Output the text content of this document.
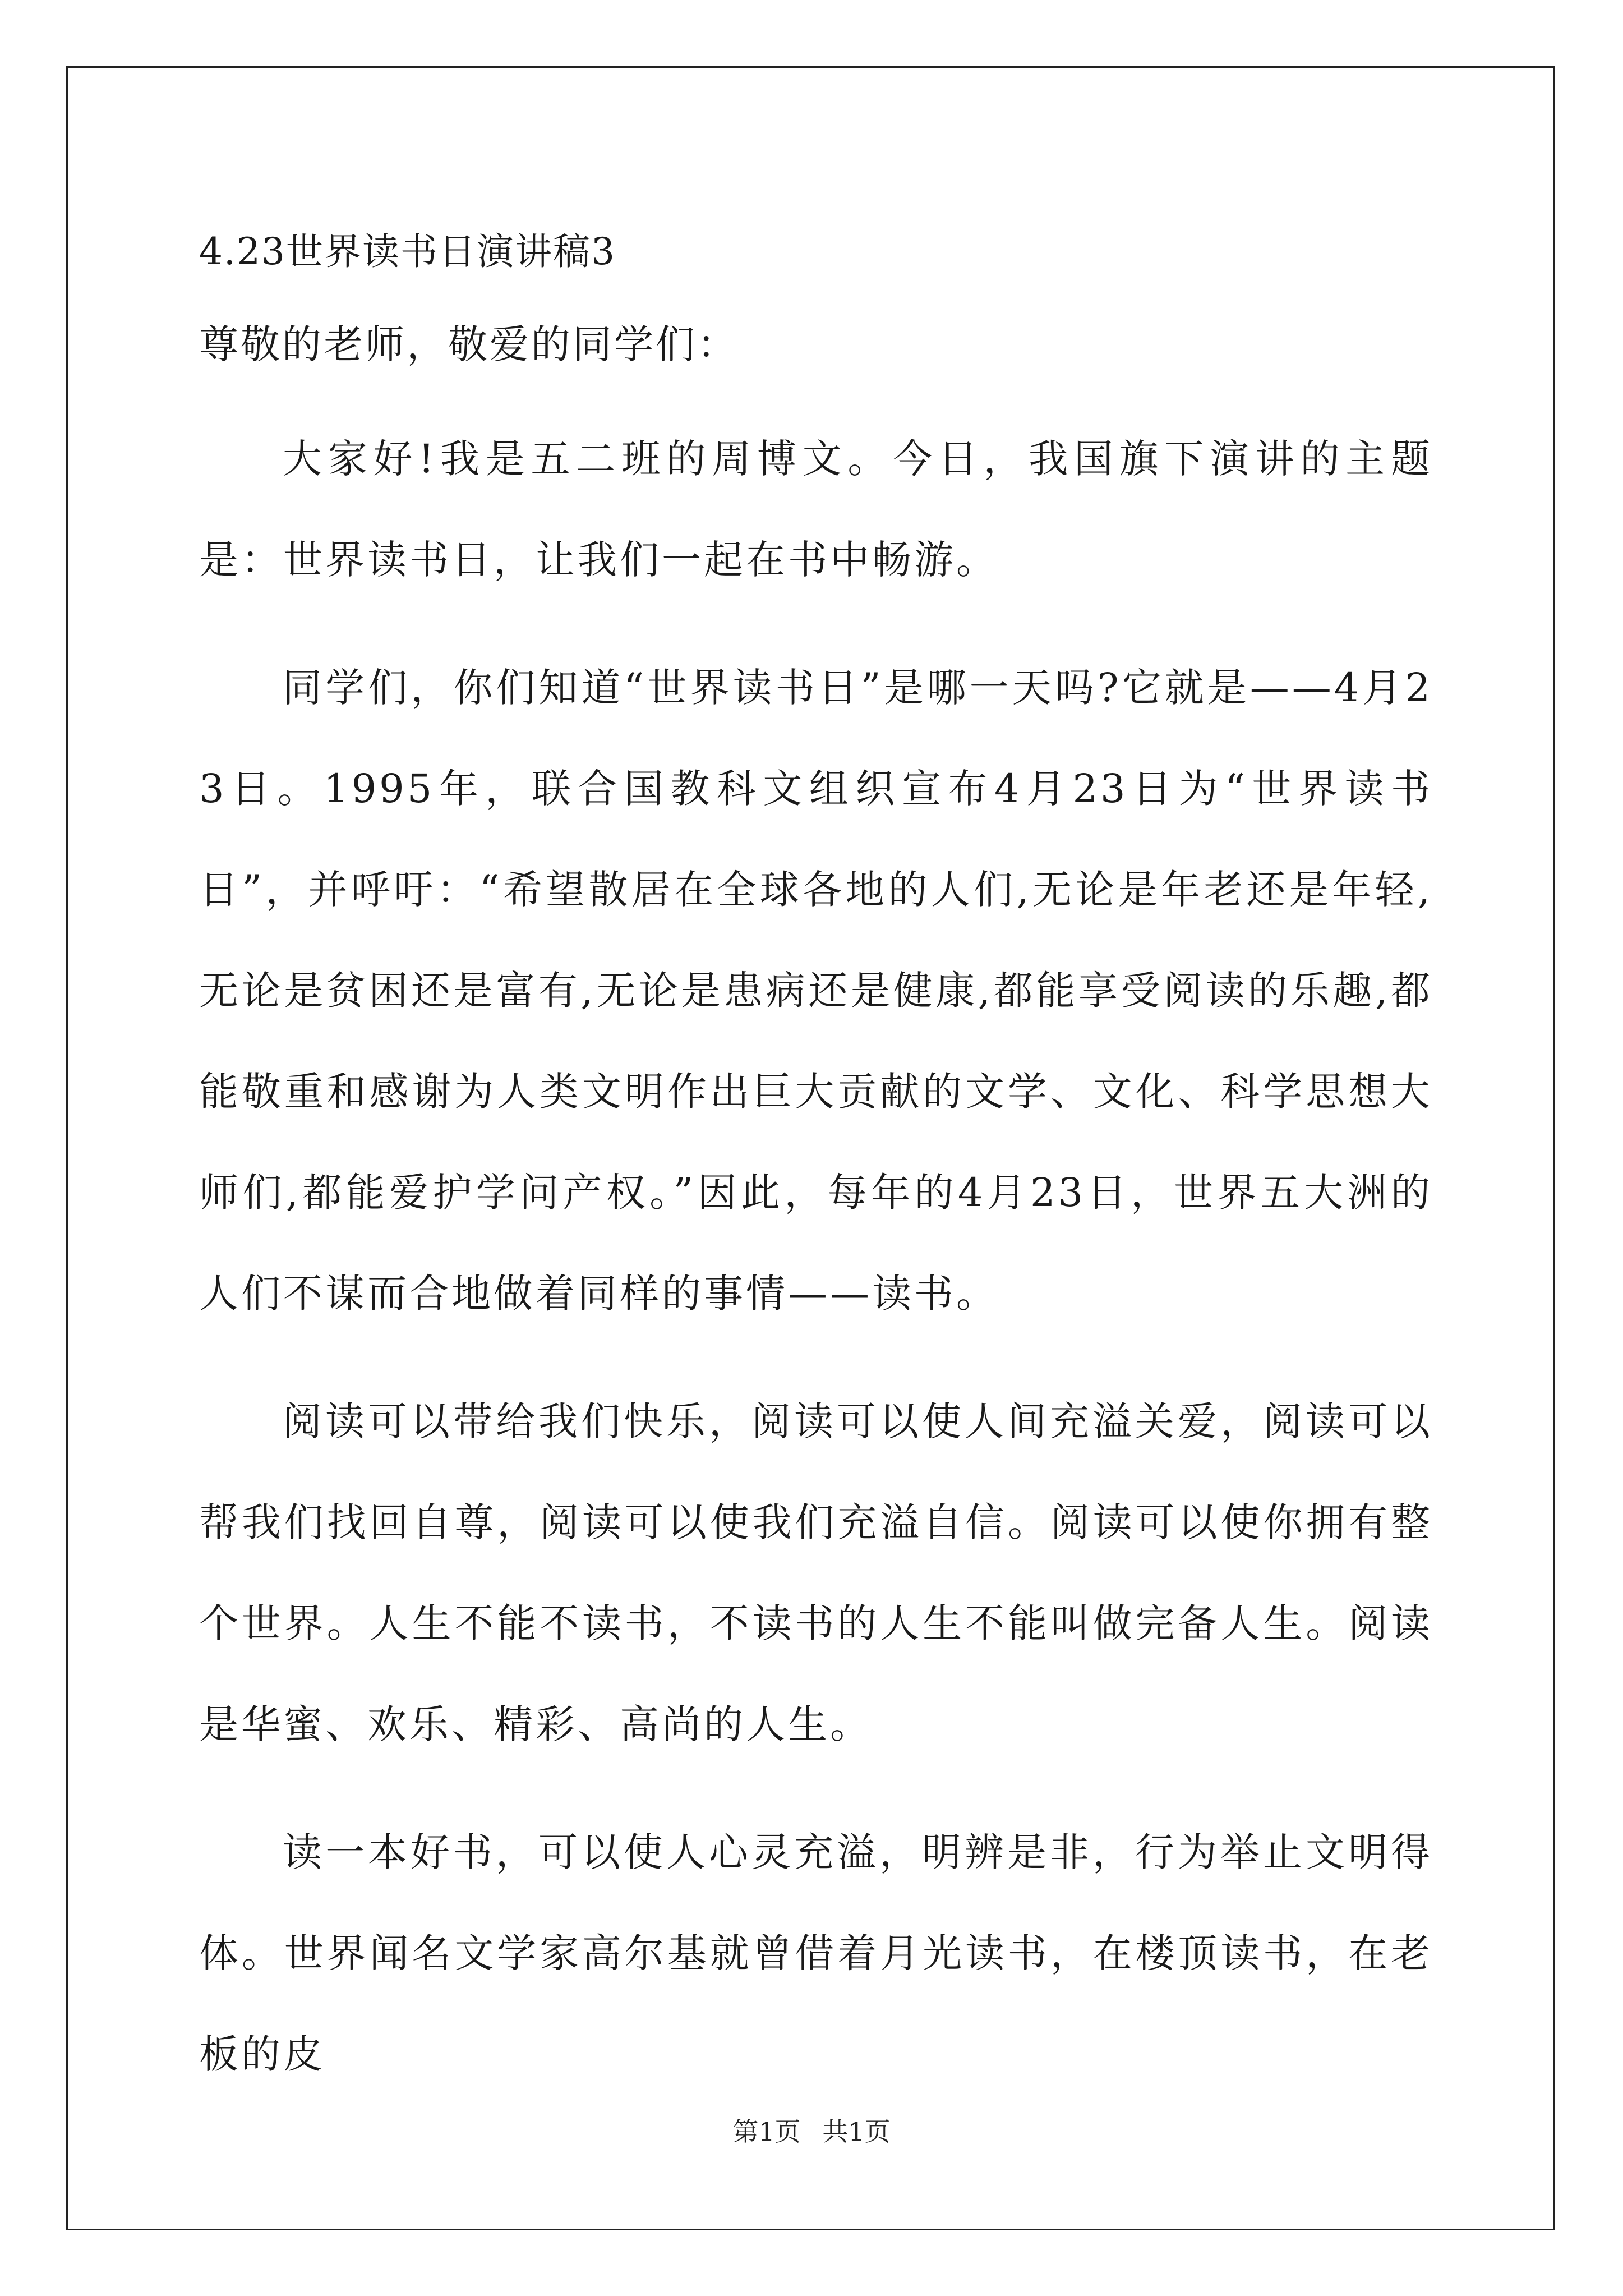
4.23世界读书日演讲稿3

尊敬的老师，敬爱的同学们：

大家好!我是五二班的周博文。今日，我国旗下演讲的主题是：世界读书日，让我们一起在书中畅游。

同学们，你们知道“世界读书日”是哪一天吗?它就是——4月23日。1995年，联合国教科文组织宣布4月23日为“世界读书日”，并呼吁：“希望散居在全球各地的人们,无论是年老还是年轻,无论是贫困还是富有,无论是患病还是健康,都能享受阅读的乐趣,都能敬重和感谢为人类文明作出巨大贡献的文学、文化、科学思想大师们,都能爱护学问产权。”因此，每年的4月23日，世界五大洲的人们不谋而合地做着同样的事情——读书。

阅读可以带给我们快乐，阅读可以使人间充溢关爱，阅读可以帮我们找回自尊，阅读可以使我们充溢自信。阅读可以使你拥有整个世界。人生不能不读书，不读书的人生不能叫做完备人生。阅读是华蜜、欢乐、精彩、高尚的人生。

读一本好书，可以使人心灵充溢，明辨是非，行为举止文明得体。世界闻名文学家高尔基就曾借着月光读书，在楼顶读书，在老板的皮

第1页 共1页
